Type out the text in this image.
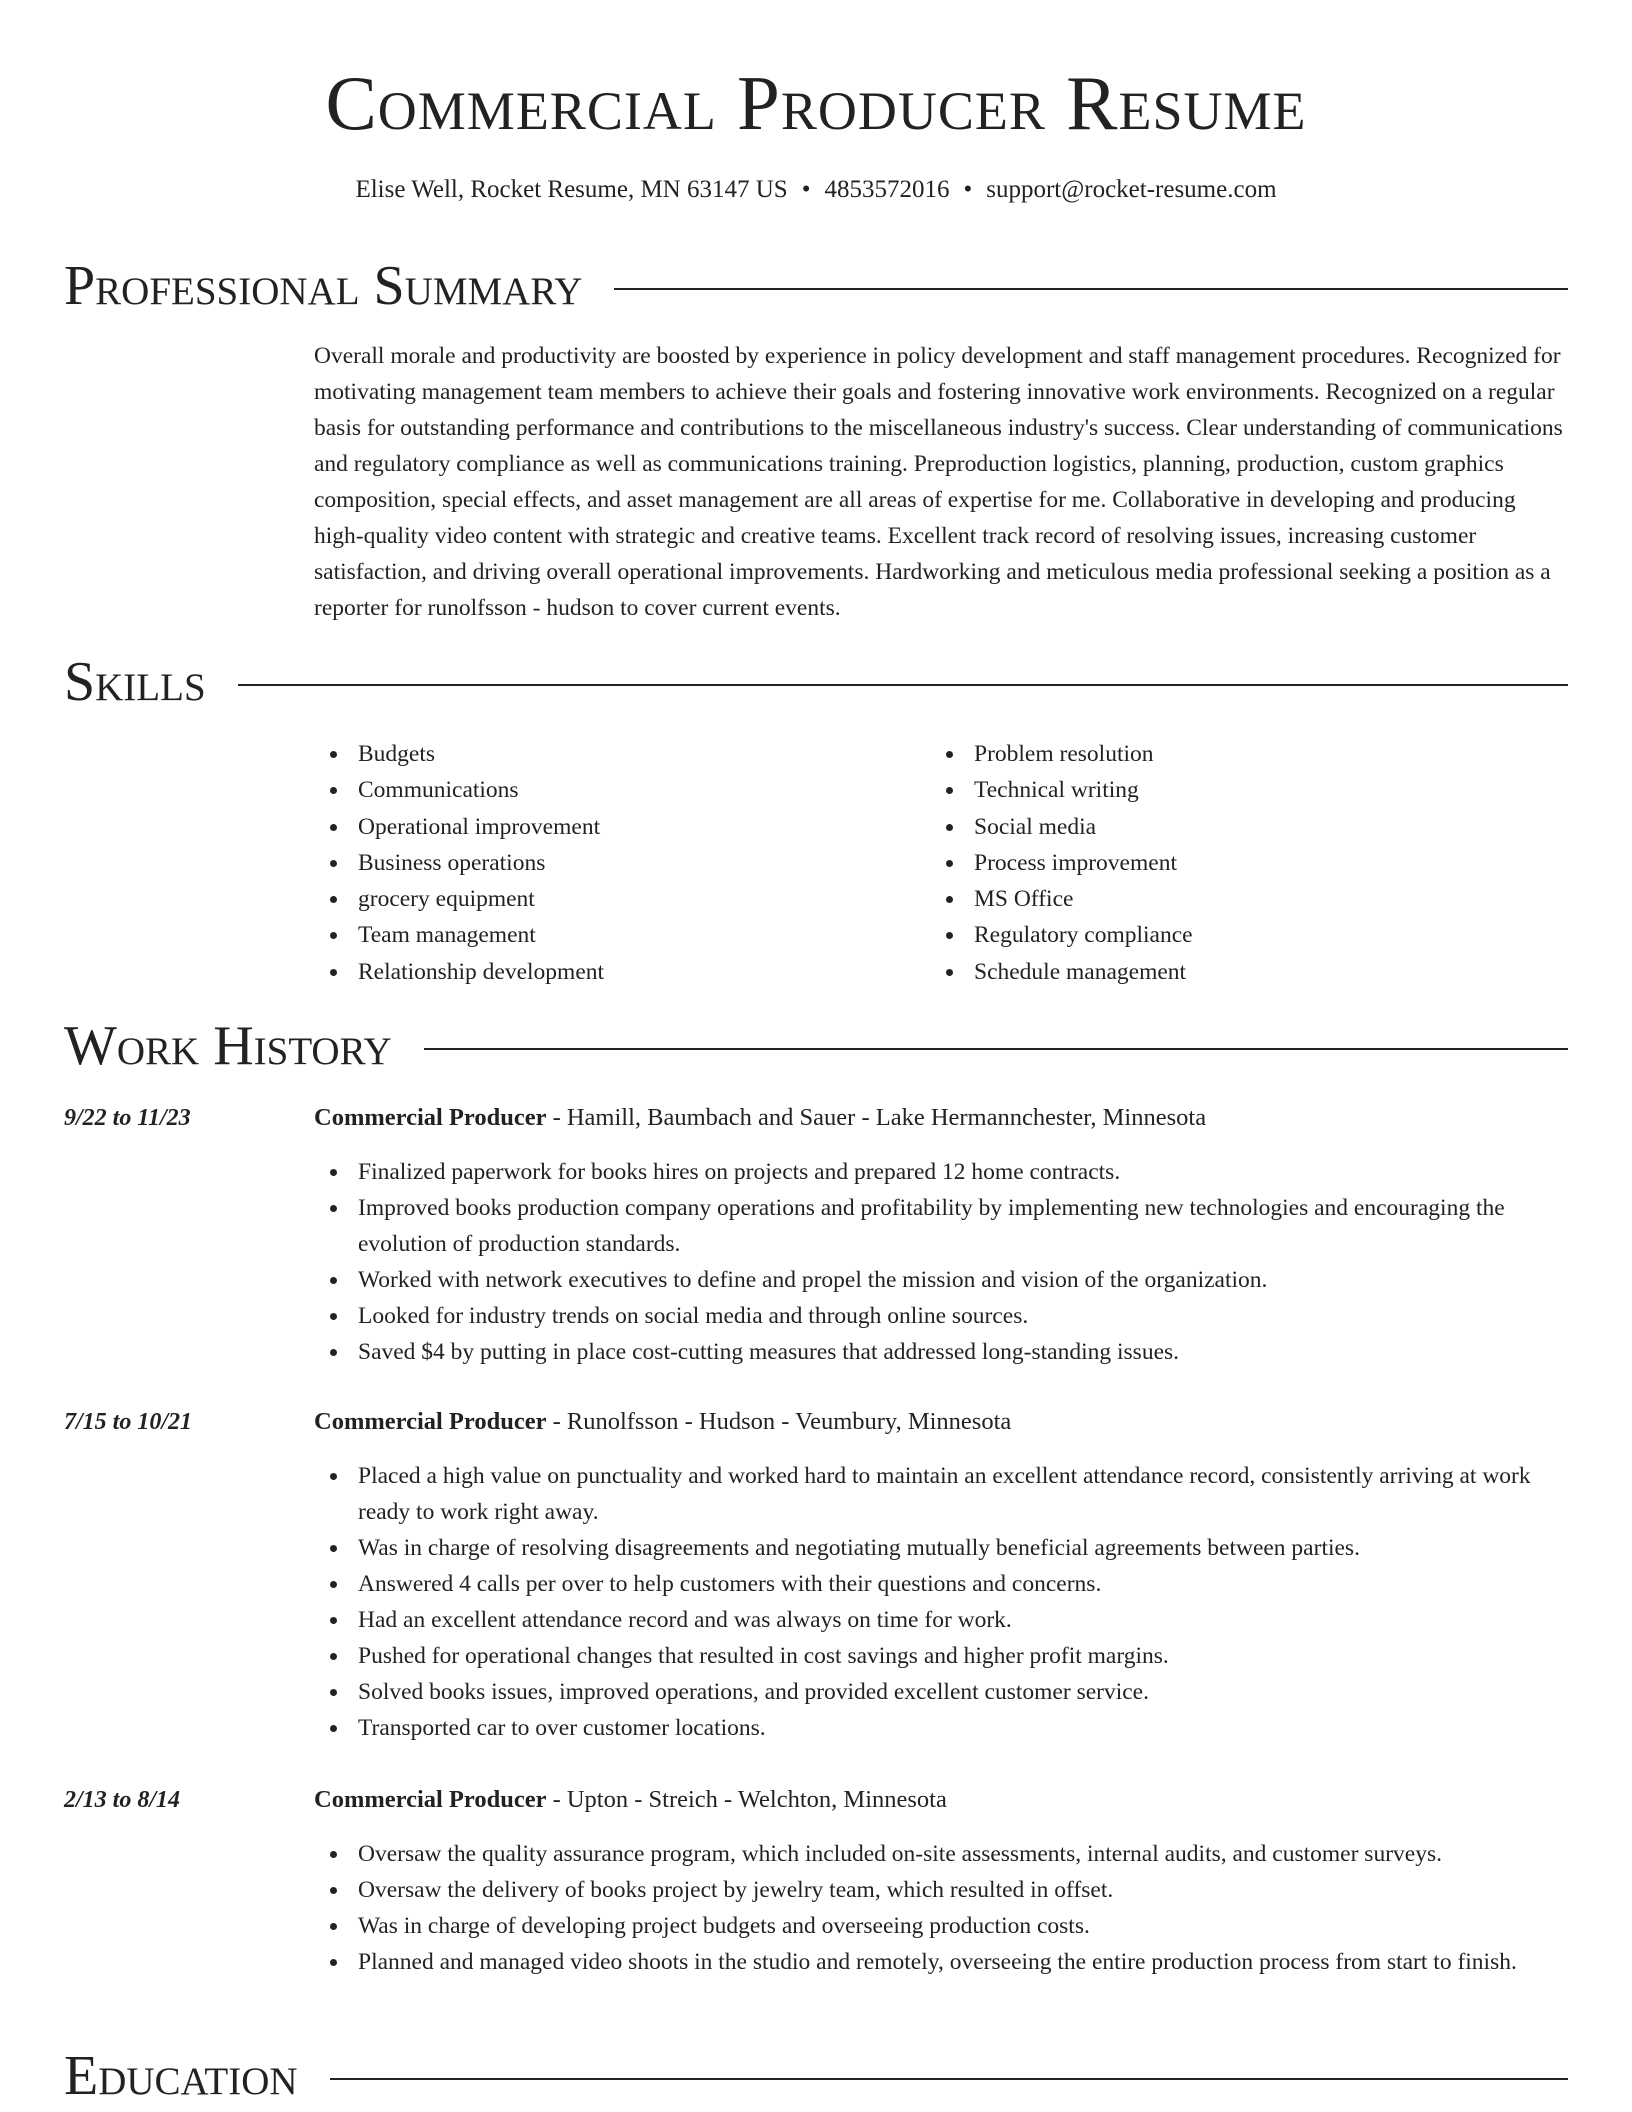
Commercial Producer Resume
Elise Well, Rocket Resume, MN 63147 US • 4853572016 • support@rocket-resume.com
Professional Summary

Overall morale and productivity are boosted by experience in policy development and staff management procedures. Recognized for motivating management team members to achieve their goals and fostering innovative work environments. Recognized on a regular basis for outstanding performance and contributions to the miscellaneous industry's success. Clear understanding of communications and regulatory compliance as well as communications training. Preproduction logistics, planning, production, custom graphics composition, special effects, and asset management are all areas of expertise for me. Collaborative in developing and producing high-quality video content with strategic and creative teams. Excellent track record of resolving issues, increasing customer satisfaction, and driving overall operational improvements. Hardworking and meticulous media professional seeking a position as a reporter for runolfsson - hudson to cover current events.

Skills
Budgets
Communications
Operational improvement
Business operations
grocery equipment
Team management
Relationship development
Problem resolution
Technical writing
Social media
Process improvement
MS Office
Regulatory compliance
Schedule management
Work History
9/22 to 11/23	Commercial Producer - Hamill, Baumbach and Sauer - Lake Hermannchester, Minnesota
Finalized paperwork for books hires on projects and prepared 12 home contracts.
Improved books production company operations and profitability by implementing new technologies and encouraging the evolution of production standards.
Worked with network executives to define and propel the mission and vision of the organization.
Looked for industry trends on social media and through online sources.
Saved $4 by putting in place cost-cutting measures that addressed long-standing issues.
7/15 to 10/21	Commercial Producer - Runolfsson - Hudson - Veumbury, Minnesota
Placed a high value on punctuality and worked hard to maintain an excellent attendance record, consistently arriving at work ready to work right away.
Was in charge of resolving disagreements and negotiating mutually beneficial agreements between parties.
Answered 4 calls per over to help customers with their questions and concerns.
Had an excellent attendance record and was always on time for work.
Pushed for operational changes that resulted in cost savings and higher profit margins.
Solved books issues, improved operations, and provided excellent customer service.
Transported car to over customer locations.
2/13 to 8/14	Commercial Producer - Upton - Streich - Welchton, Minnesota
Oversaw the quality assurance program, which included on-site assessments, internal audits, and customer surveys.
Oversaw the delivery of books project by jewelry team, which resulted in offset.
Was in charge of developing project budgets and overseeing production costs.
Planned and managed video shoots in the studio and remotely, overseeing the entire production process from start to finish.
Education
